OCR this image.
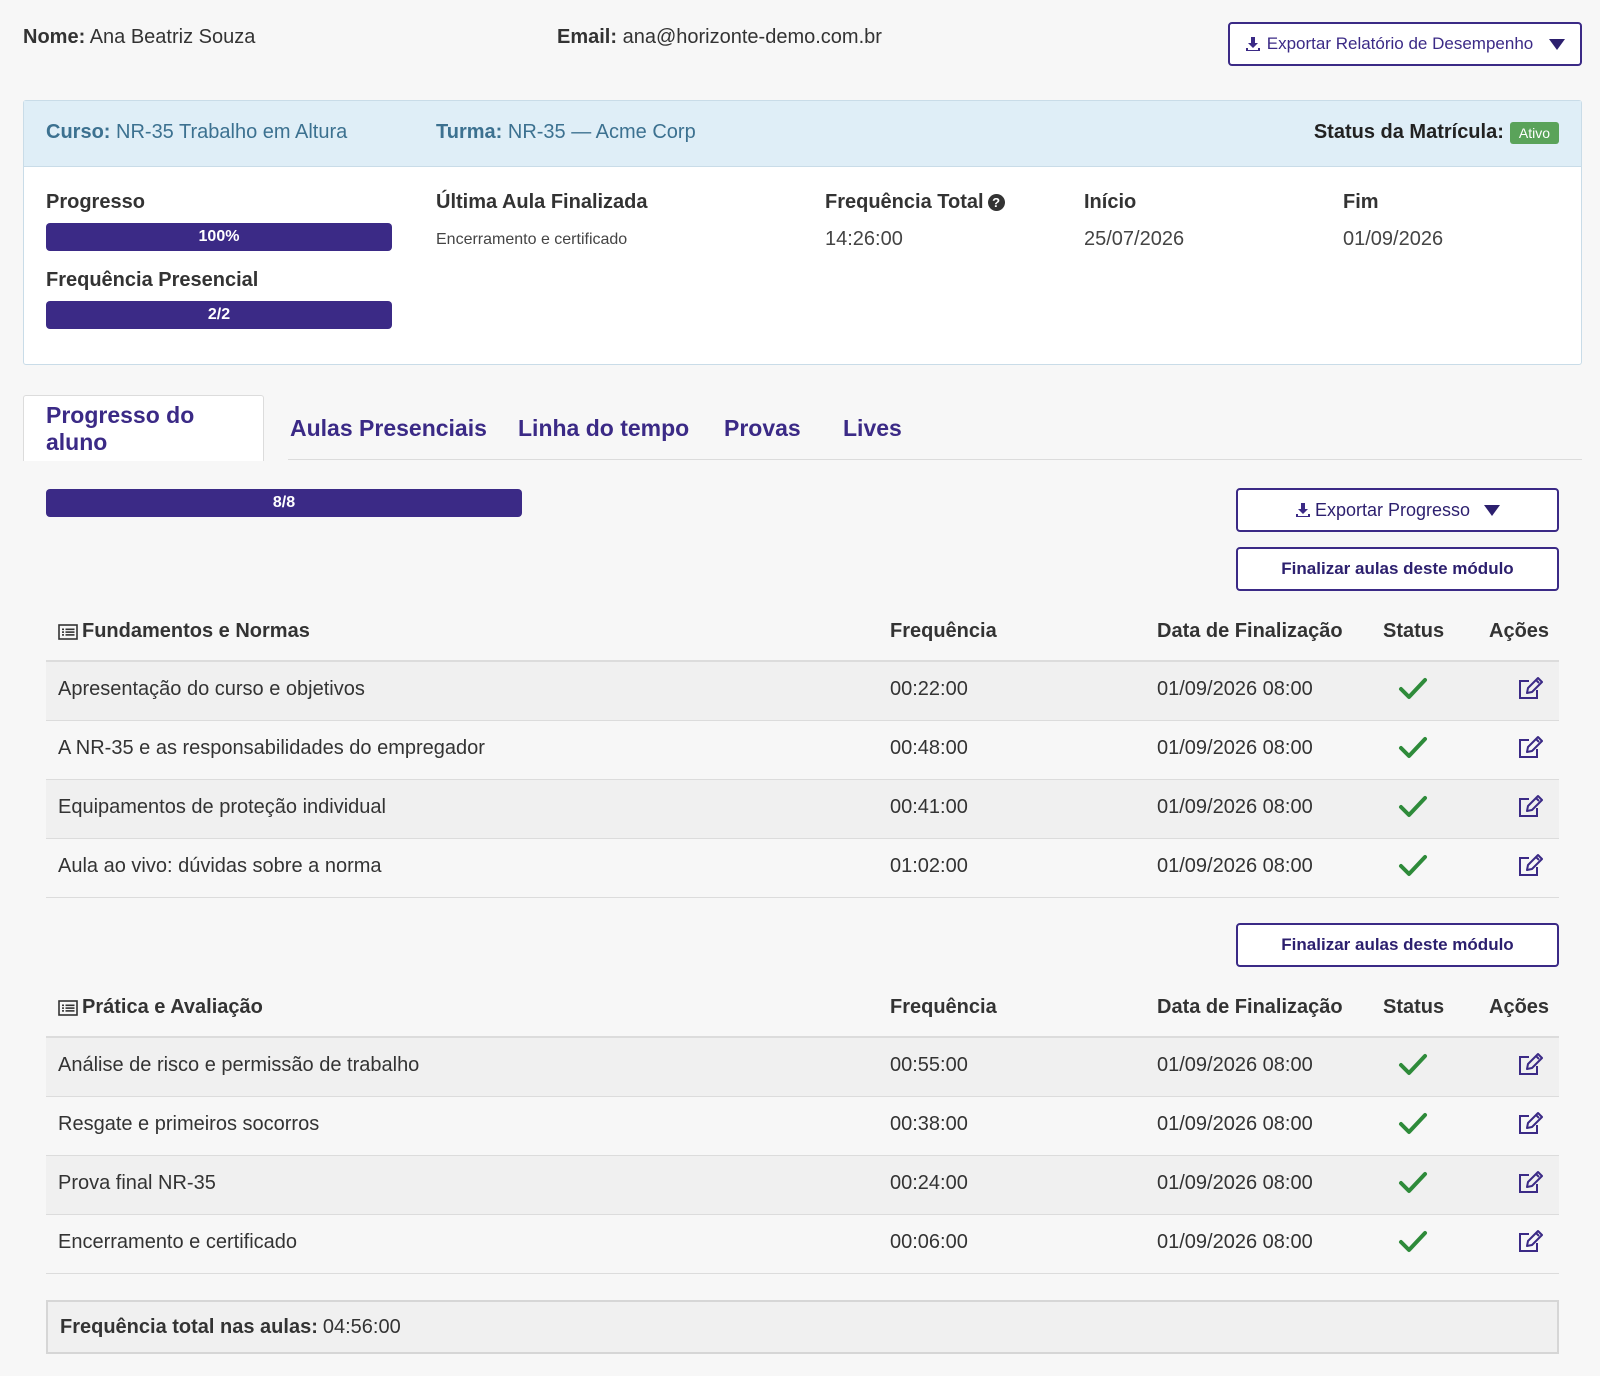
Nome: Ana Beatriz Souza	Email: ana@horizonte-demo.com.br	Exportar Relatório de Desempenho
Curso: NR-35 Trabalho em Altura	Turma: NR-35 — Acme Corp	Status da Matrícula:	Ativo
Progresso
100%
Frequência Presencial
2/2
Última Aula Finalizada
Encerramento e certificado
Frequência Total ?
14:26:00
Início
25/07/2026
Fim
01/09/2026
Progresso do aluno
Aulas Presenciais Linha do tempo Provas Lives
8/8	Exportar Progresso
Finalizar aulas deste módulo
Fundamentos e Normas	Frequência	Data de Finalização Status Ações
Apresentação do curso e objetivos	00:22:00	01/09/2026 08:00
A NR-35 e as responsabilidades do empregador	00:48:00	01/09/2026 08:00
Equipamentos de proteção individual	00:41:00	01/09/2026 08:00
Aula ao vivo: dúvidas sobre a norma	01:02:00	01/09/2026 08:00
Finalizar aulas deste módulo
Prática e Avaliação	Frequência	Data de Finalização Status Ações
Análise de risco e permissão de trabalho	00:55:00	01/09/2026 08:00
Resgate e primeiros socorros	00:38:00	01/09/2026 08:00
Prova final NR-35	00:24:00	01/09/2026 08:00
Encerramento e certificado	00:06:00	01/09/2026 08:00
Frequência total nas aulas: 04:56:00
